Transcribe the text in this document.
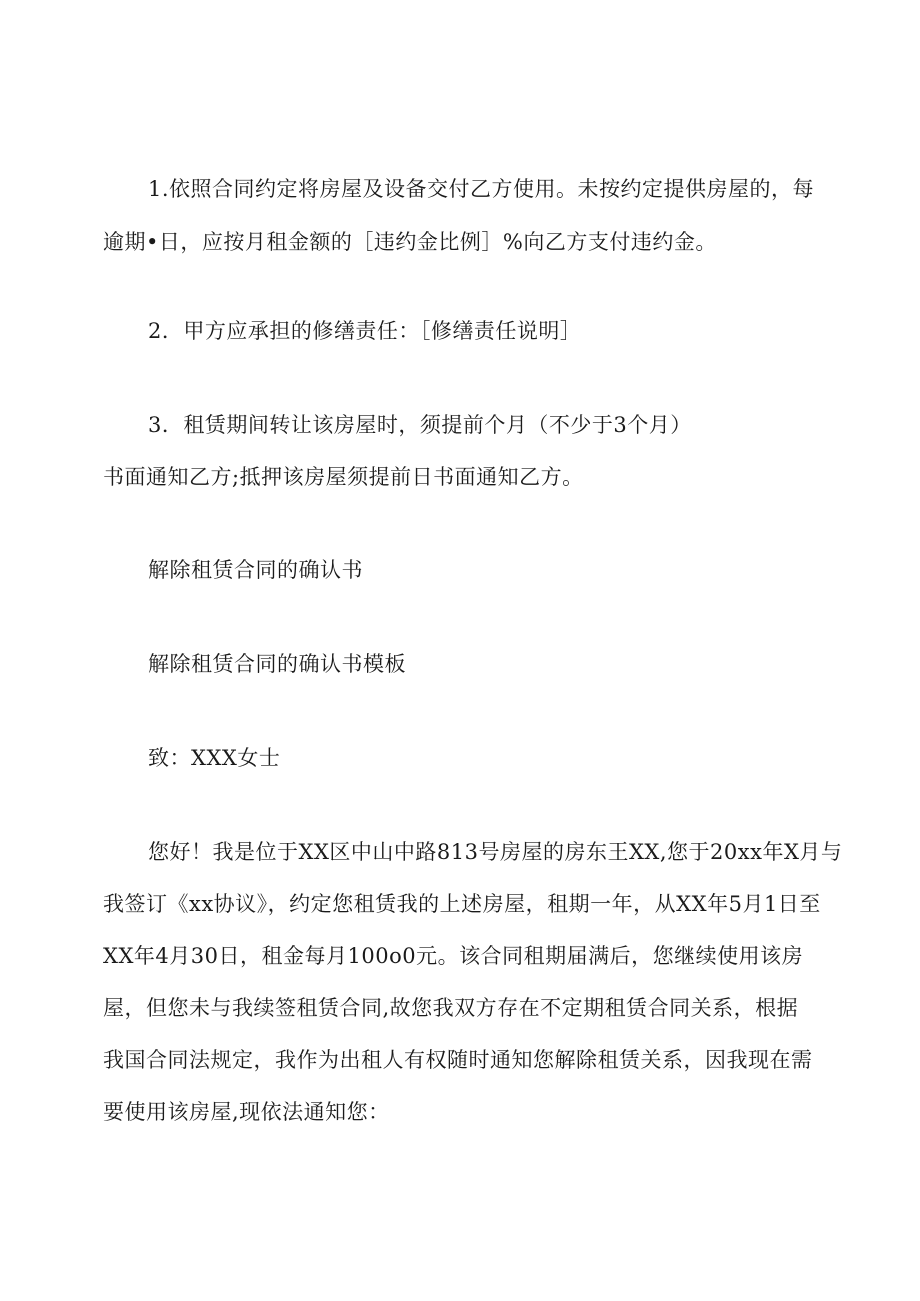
1.依照合同约定将房屋及设备交付乙方使用。未按约定提供房屋的，每
逾期•日，应按月租金额的［违约金比例］%向乙方支付违约金。
2．甲方应承担的修缮责任：［修缮责任说明］
3．租赁期间转让该房屋时，须提前个月（不少于3个月）
书面通知乙方;抵押该房屋须提前日书面通知乙方。
解除租赁合同的确认书
解除租赁合同的确认书模板
致：XXX女士
您好！我是位于XX区中山中路813号房屋的房东王XX,您于20xx年X月与
我签订《xx协议》，约定您租赁我的上述房屋，租期一年，从XX年5月1日至
XX年4月30日，租金每月100o0元。该合同租期届满后，您继续使用该房
屋，但您未与我续签租赁合同,故您我双方存在不定期租赁合同关系，根据
我国合同法规定，我作为出租人有权随时通知您解除租赁关系，因我现在需
要使用该房屋,现依法通知您：
